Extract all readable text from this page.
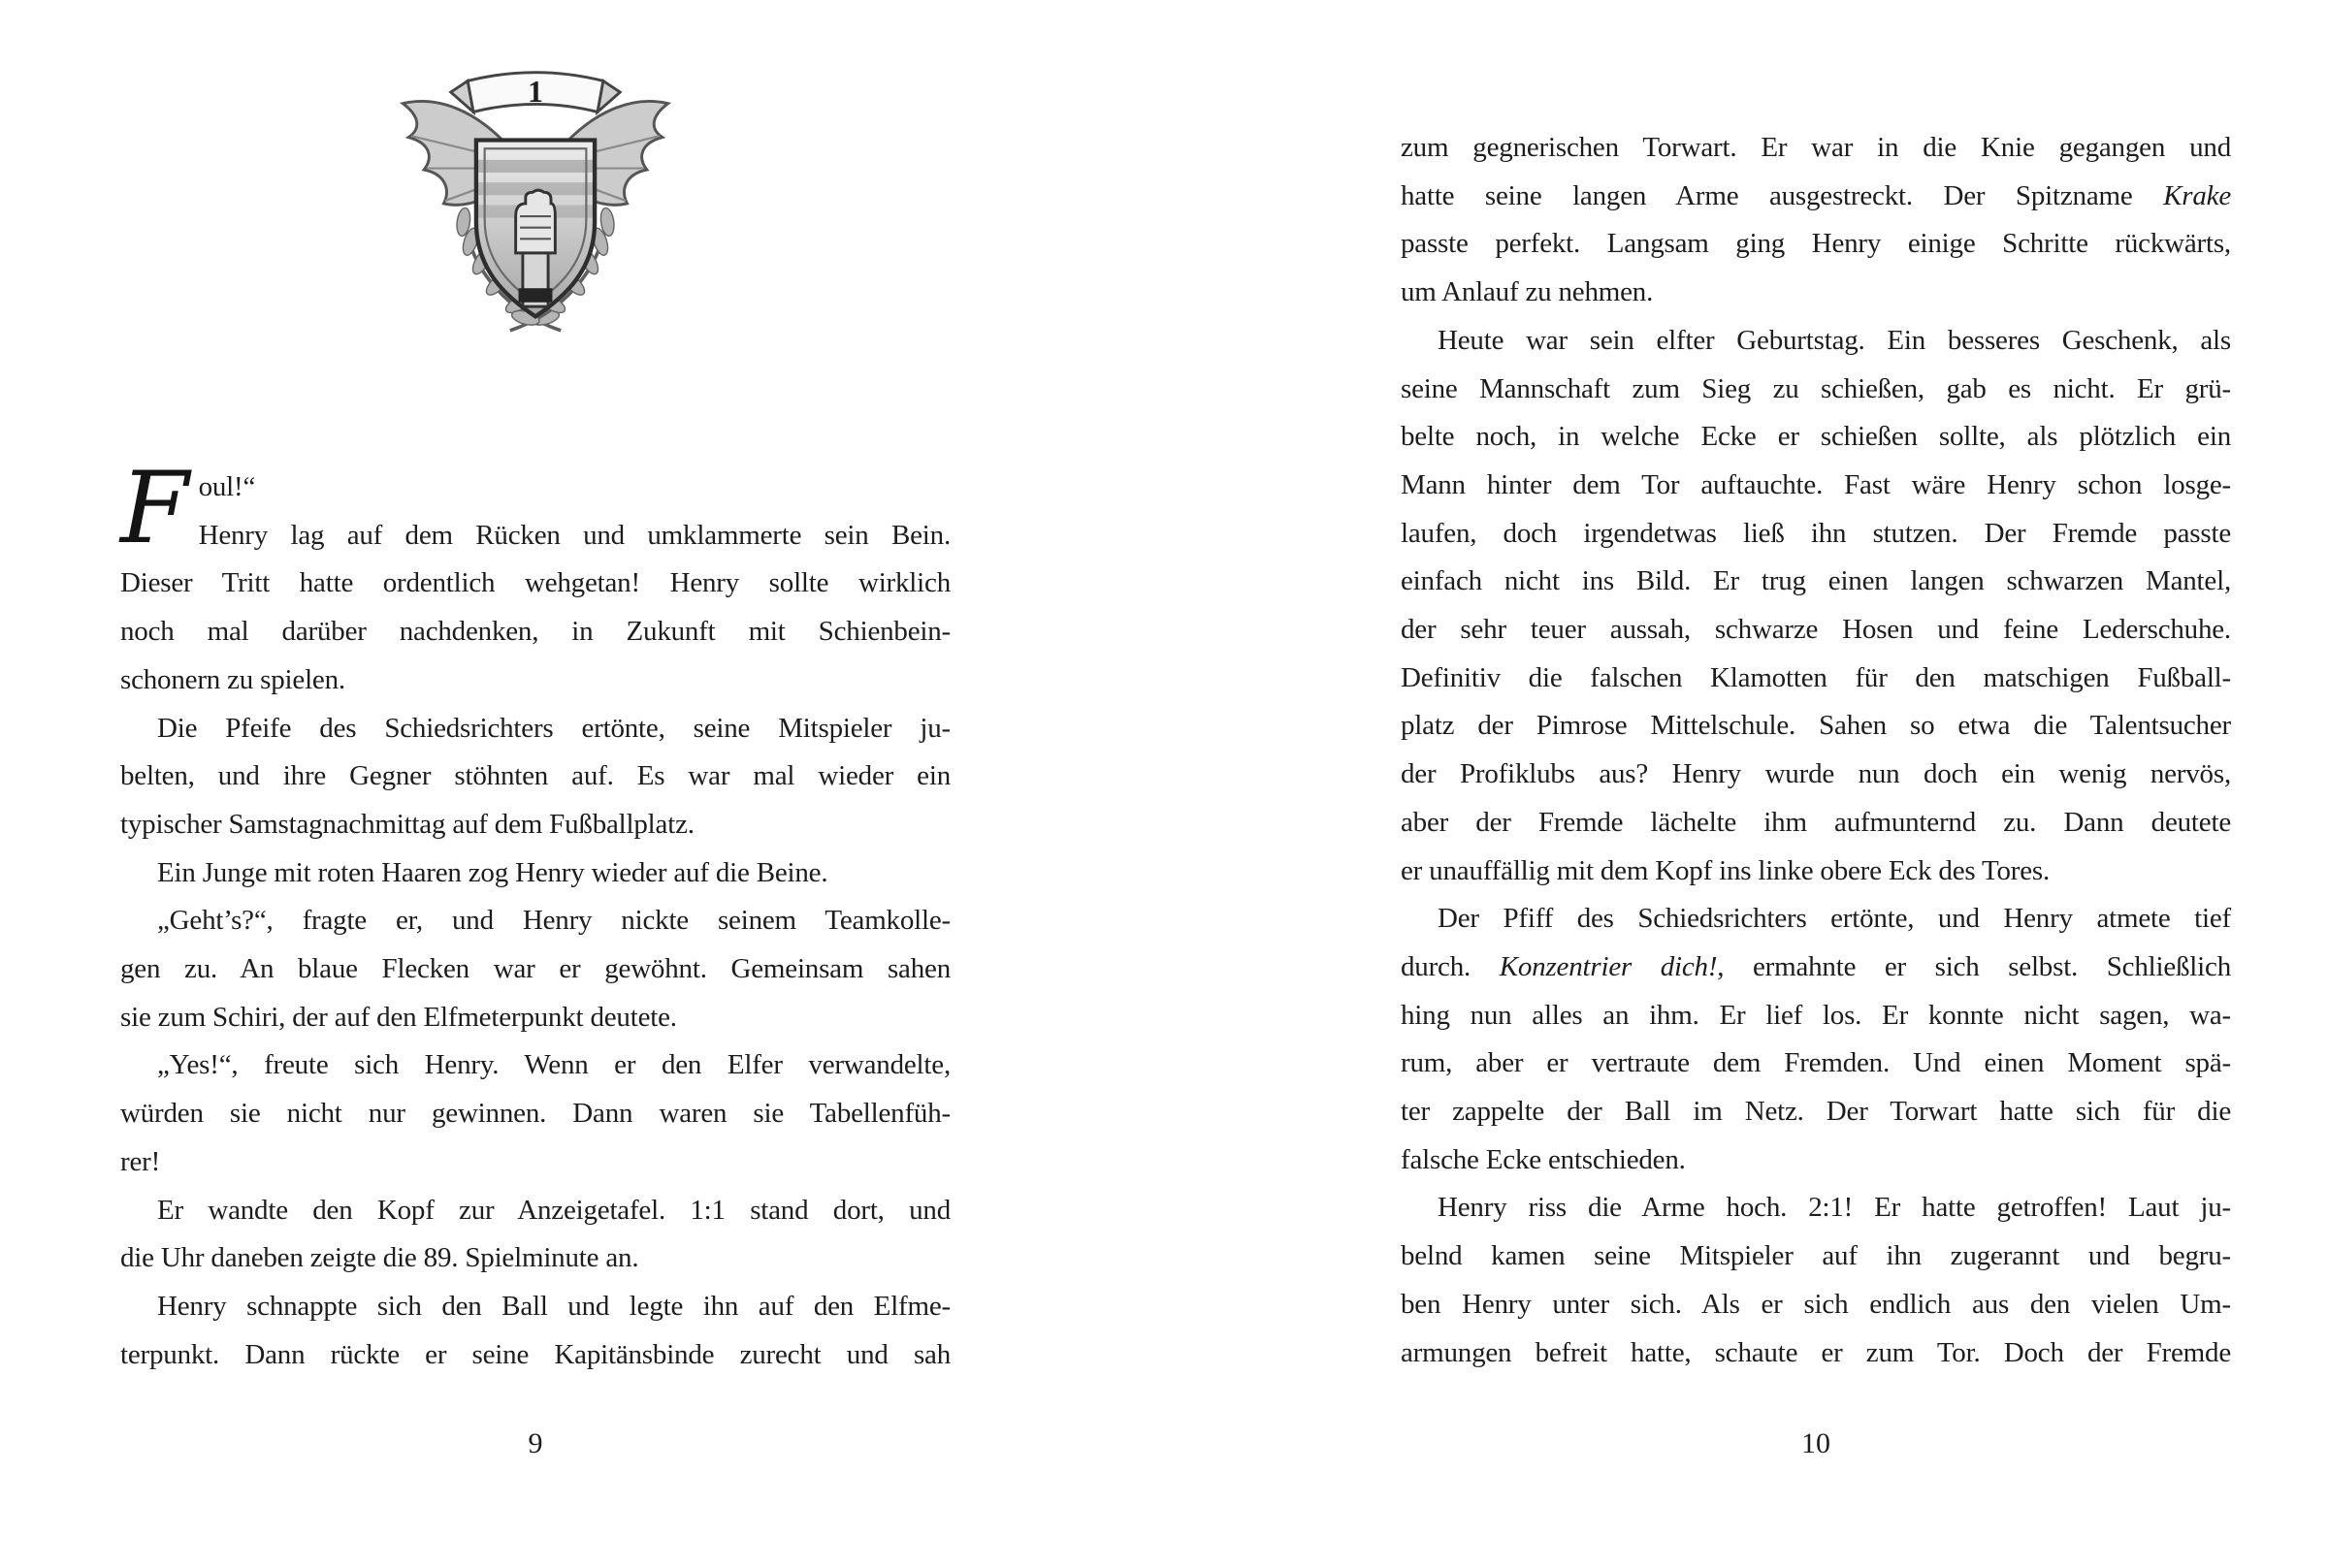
1
F oul!“
Henry lag auf dem Rücken und umklammerte sein Bein.
Dieser Tritt hatte ordentlich wehgetan! Henry sollte wirklich
noch mal darüber nachdenken, in Zukunft mit Schienbein-
schonern zu spielen.
Die Pfeife des Schiedsrichters ertönte, seine Mitspieler ju-
belten, und ihre Gegner stöhnten auf. Es war mal wieder ein
typischer Samstagnachmittag auf dem Fußballplatz.
Ein Junge mit roten Haaren zog Henry wieder auf die Beine.
„Geht’s?“, fragte er, und Henry nickte seinem Teamkolle-
gen zu. An blaue Flecken war er gewöhnt. Gemeinsam sahen
sie zum Schiri, der auf den Elfmeterpunkt deutete.
„Yes!“, freute sich Henry. Wenn er den Elfer verwandelte,
würden sie nicht nur gewinnen. Dann waren sie Tabellenfüh-
rer!
Er wandte den Kopf zur Anzeigetafel. 1:1 stand dort, und
die Uhr daneben zeigte die 89. Spielminute an.
Henry schnappte sich den Ball und legte ihn auf den Elfme-
terpunkt. Dann rückte er seine Kapitänsbinde zurecht und sah
zum gegnerischen Torwart. Er war in die Knie gegangen und
hatte seine langen Arme ausgestreckt. Der Spitzname Krake
passte perfekt. Langsam ging Henry einige Schritte rückwärts,
um Anlauf zu nehmen.
Heute war sein elfter Geburtstag. Ein besseres Geschenk, als
seine Mannschaft zum Sieg zu schießen, gab es nicht. Er grü-
belte noch, in welche Ecke er schießen sollte, als plötzlich ein
Mann hinter dem Tor auftauchte. Fast wäre Henry schon losge-
laufen, doch irgendetwas ließ ihn stutzen. Der Fremde passte
einfach nicht ins Bild. Er trug einen langen schwarzen Mantel,
der sehr teuer aussah, schwarze Hosen und feine Lederschuhe.
Definitiv die falschen Klamotten für den matschigen Fußball-
platz der Pimrose Mittelschule. Sahen so etwa die Talentsucher
der Profiklubs aus? Henry wurde nun doch ein wenig nervös,
aber der Fremde lächelte ihm aufmunternd zu. Dann deutete
er unauffällig mit dem Kopf ins linke obere Eck des Tores.
Der Pfiff des Schiedsrichters ertönte, und Henry atmete tief
durch. Konzentrier dich!, ermahnte er sich selbst. Schließlich
hing nun alles an ihm. Er lief los. Er konnte nicht sagen, wa-
rum, aber er vertraute dem Fremden. Und einen Moment spä-
ter zappelte der Ball im Netz. Der Torwart hatte sich für die
falsche Ecke entschieden.
Henry riss die Arme hoch. 2:1! Er hatte getroffen! Laut ju-
belnd kamen seine Mitspieler auf ihn zugerannt und begru-
ben Henry unter sich. Als er sich endlich aus den vielen Um-
armungen befreit hatte, schaute er zum Tor. Doch der Fremde
9	10
